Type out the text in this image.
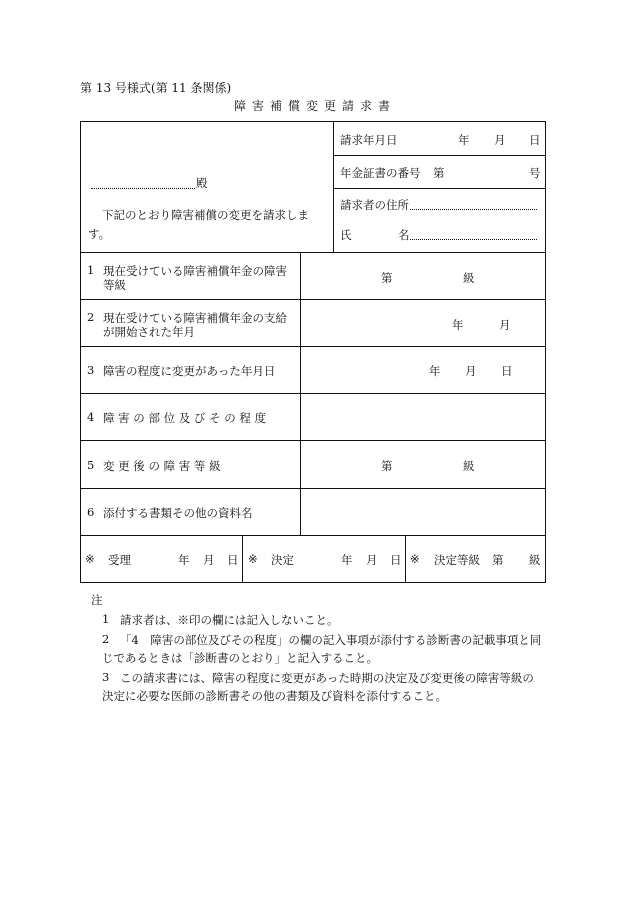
第 13 号様式(第 11 条関係)
障害補償変更請求書
殿
下記のとおり障害補償の変更を請求しま
す。
請求年月日	年 月 日
年金証書の番号 第	号
請求者の住所
氏	名
1 現在受けている障害補償年金の障害
等級	第	級
2 現在受けている障害補償年金の支給
が開始された年月	年	月
3 障害の程度に変更があった年月日	年 月 日
4 障 害 の 部 位 及 び そ の 程 度
5 変 更 後 の 障 害 等 級	第	級
6 添付する書類その他の資料名
※ 受理	年 月 日 ※ 決定	年 月 日 ※ 決定等級 第 級
注
1 請求者は、※印の欄には記入しないこと。
2 「4　障害の部位及びその程度」の欄の記入事項が添付する診断書の記載事項と同
じであるときは「診断書のとおり」と記入すること。
3 この請求書には、障害の程度に変更があった時期の決定及び変更後の障害等級の
決定に必要な医師の診断書その他の書類及び資料を添付すること。
